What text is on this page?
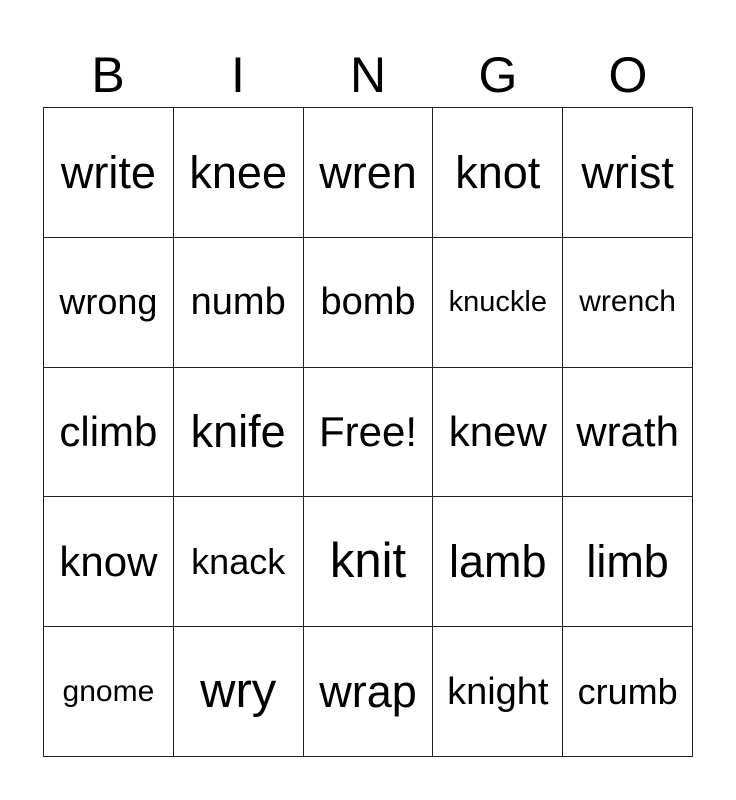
B	I	N	G	O
write knee wren knot wrist
wrong numb bomb	knuckle	wrench
climb knife Free! knew wrath
know knack knit lamb limb
gnome wry wrap knight crumb
